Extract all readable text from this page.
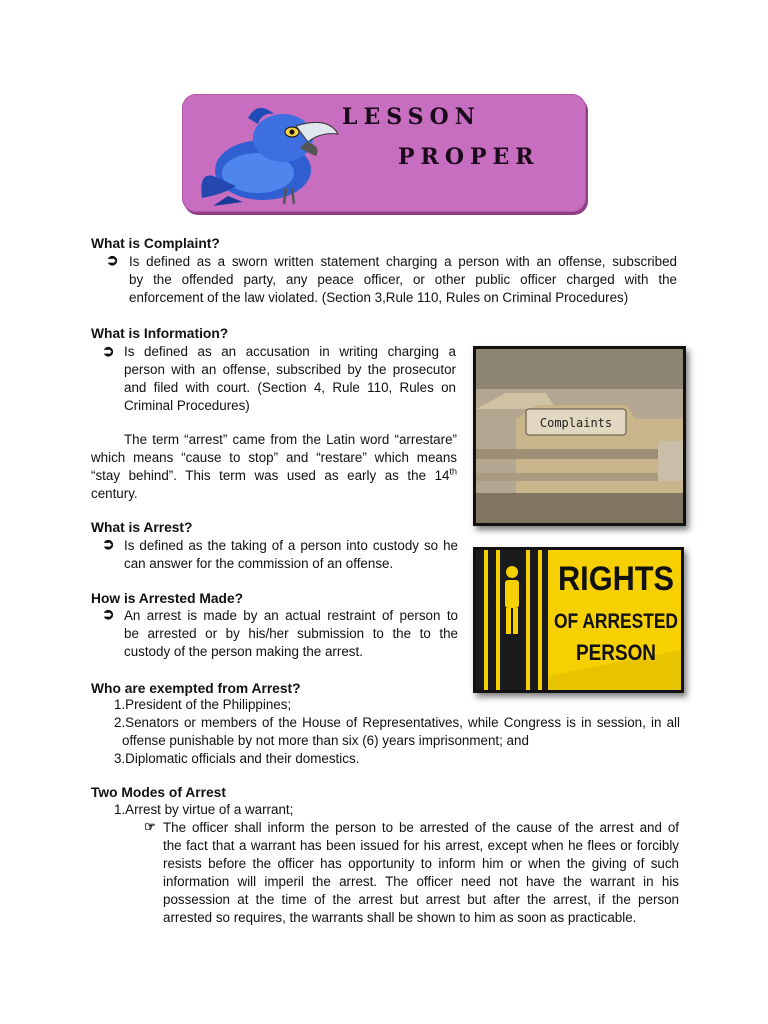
LESSON
PROPER
What is Complaint?
➲ Is defined as a sworn written statement charging a person with an offense, subscribed
by the offended party, any peace officer, or other public officer charged with the
enforcement of the law violated. (Section 3,Rule 110, Rules on Criminal Procedures)
What is Information?
➲ Is defined as an accusation in writing charging a
person with an offense, subscribed by the prosecutor
and filed with court. (Section 4, Rule 110, Rules on
Criminal Procedures)
The term “arrest” came from the Latin word “arrestare”
which means “cause to stop” and “restare” which means
“stay behind”. This term was used as early as the 14th
century.
Complaints
What is Arrest?
➲ Is defined as the taking of a person into custody so he
can answer for the commission of an offense.	RIGHTS
OF ARRESTED
PERSON
How is Arrested Made?
➲ An arrest is made by an actual restraint of person to
be arrested or by his/her submission to the to the
custody of the person making the arrest.
Who are exempted from Arrest?
1.President of the Philippines;
2.Senators or members of the House of Representatives, while Congress is in session, in all
offense punishable by not more than six (6) years imprisonment; and
3.Diplomatic officials and their domestics.
Two Modes of Arrest
1.Arrest by virtue of a warrant;
☞ The officer shall inform the person to be arrested of the cause of the arrest and of
the fact that a warrant has been issued for his arrest, except when he flees or forcibly
resists before the officer has opportunity to inform him or when the giving of such
information will imperil the arrest. The officer need not have the warrant in his
possession at the time of the arrest but arrest but after the arrest, if the person
arrested so requires, the warrants shall be shown to him as soon as practicable.
